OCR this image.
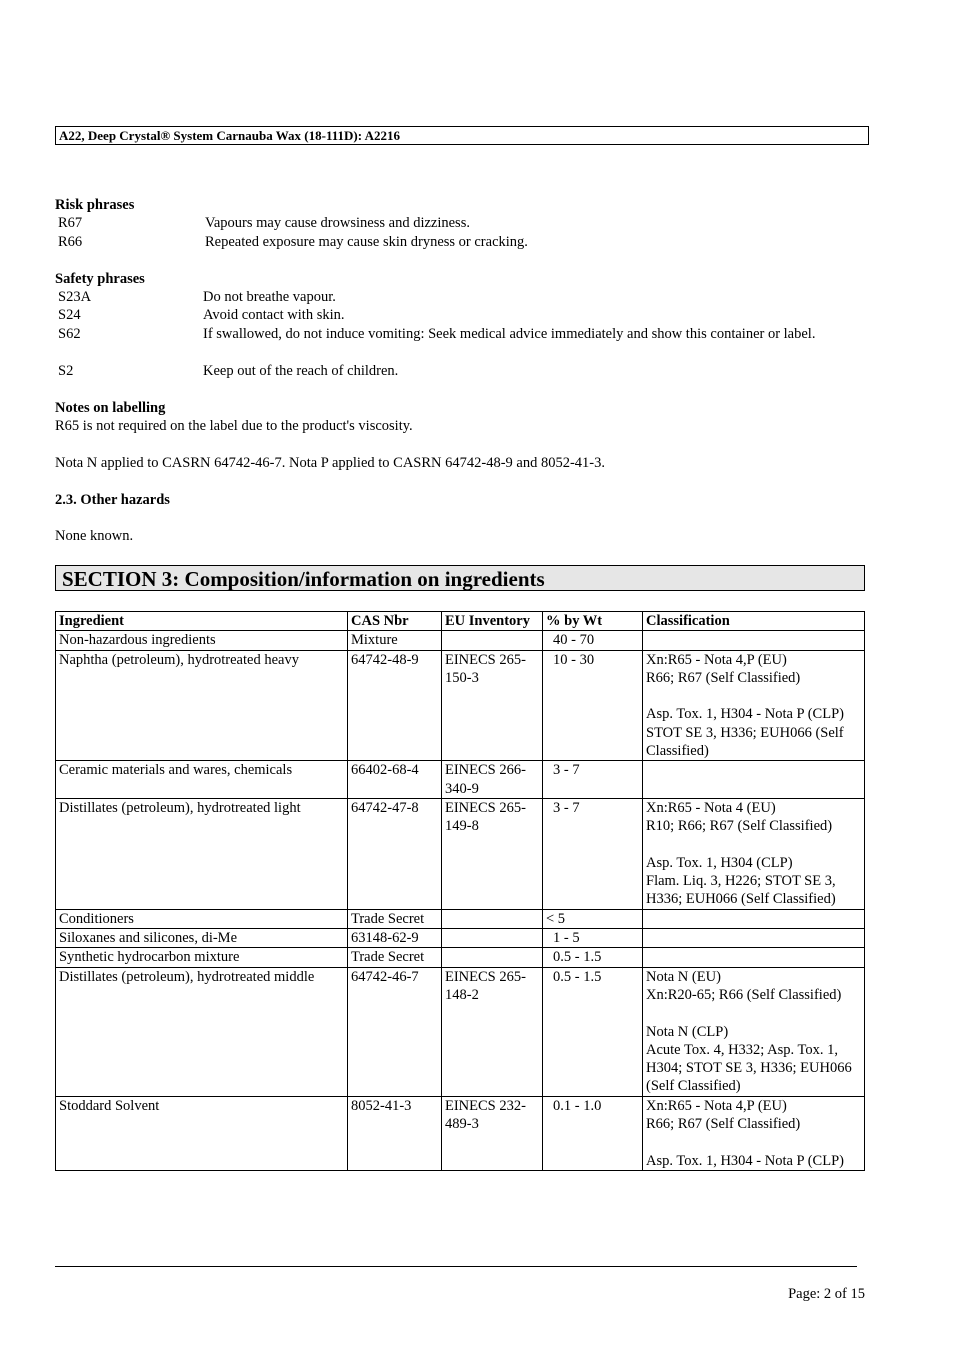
A22, Deep Crystal® System Carnauba Wax (18-111D): A2216
Risk phrases
R67	Vapours may cause drowsiness and dizziness.
R66	Repeated exposure may cause skin dryness or cracking.
Safety phrases
S23A	Do not breathe vapour.
S24	Avoid contact with skin.
S62	If swallowed, do not induce vomiting: Seek medical advice immediately and show this container or label.
S2	Keep out of the reach of children.
Notes on labelling
R65 is not required on the label due to the product's viscosity.
Nota N applied to CASRN 64742-46-7. Nota P applied to CASRN 64742-48-9 and 8052-41-3.
2.3. Other hazards
None known.
SECTION 3: Composition/information on ingredients
Ingredient	CAS Nbr	EU Inventory	% by Wt	Classification
Non-hazardous ingredients	Mixture		40 - 70	
Naphtha (petroleum), hydrotreated heavy	64742-48-9	EINECS 265-150-3	10 - 30	Xn:R65 - Nota 4,P (EU)
R66; R67 (Self Classified)
Asp. Tox. 1, H304 - Nota P (CLP)
STOT SE 3, H336; EUH066 (Self Classified)

Ceramic materials and wares, chemicals	66402-68-4	EINECS 266-340-9	3 - 7	
Distillates (petroleum), hydrotreated light	64742-47-8	EINECS 265-149-8	3 - 7	Xn:R65 - Nota 4 (EU)
R10; R66; R67 (Self Classified)
Asp. Tox. 1, H304 (CLP)
Flam. Liq. 3, H226; STOT SE 3, H336; EUH066 (Self Classified)

Conditioners	Trade Secret		< 5	
Siloxanes and silicones, di-Me	63148-62-9		1 - 5	
Synthetic hydrocarbon mixture	Trade Secret		0.5 - 1.5	
Distillates (petroleum), hydrotreated middle	64742-46-7	EINECS 265-148-2	0.5 - 1.5	Nota N (EU)
Xn:R20-65; R66 (Self Classified)
Nota N (CLP)
Acute Tox. 4, H332; Asp. Tox. 1, H304; STOT SE 3, H336; EUH066 (Self Classified)

Stoddard Solvent	8052-41-3	EINECS 232-489-3	0.1 - 1.0	Xn:R65 - Nota 4,P (EU)
R66; R67 (Self Classified)
Asp. Tox. 1, H304 - Nota P (CLP)
Page: 2 of 15
